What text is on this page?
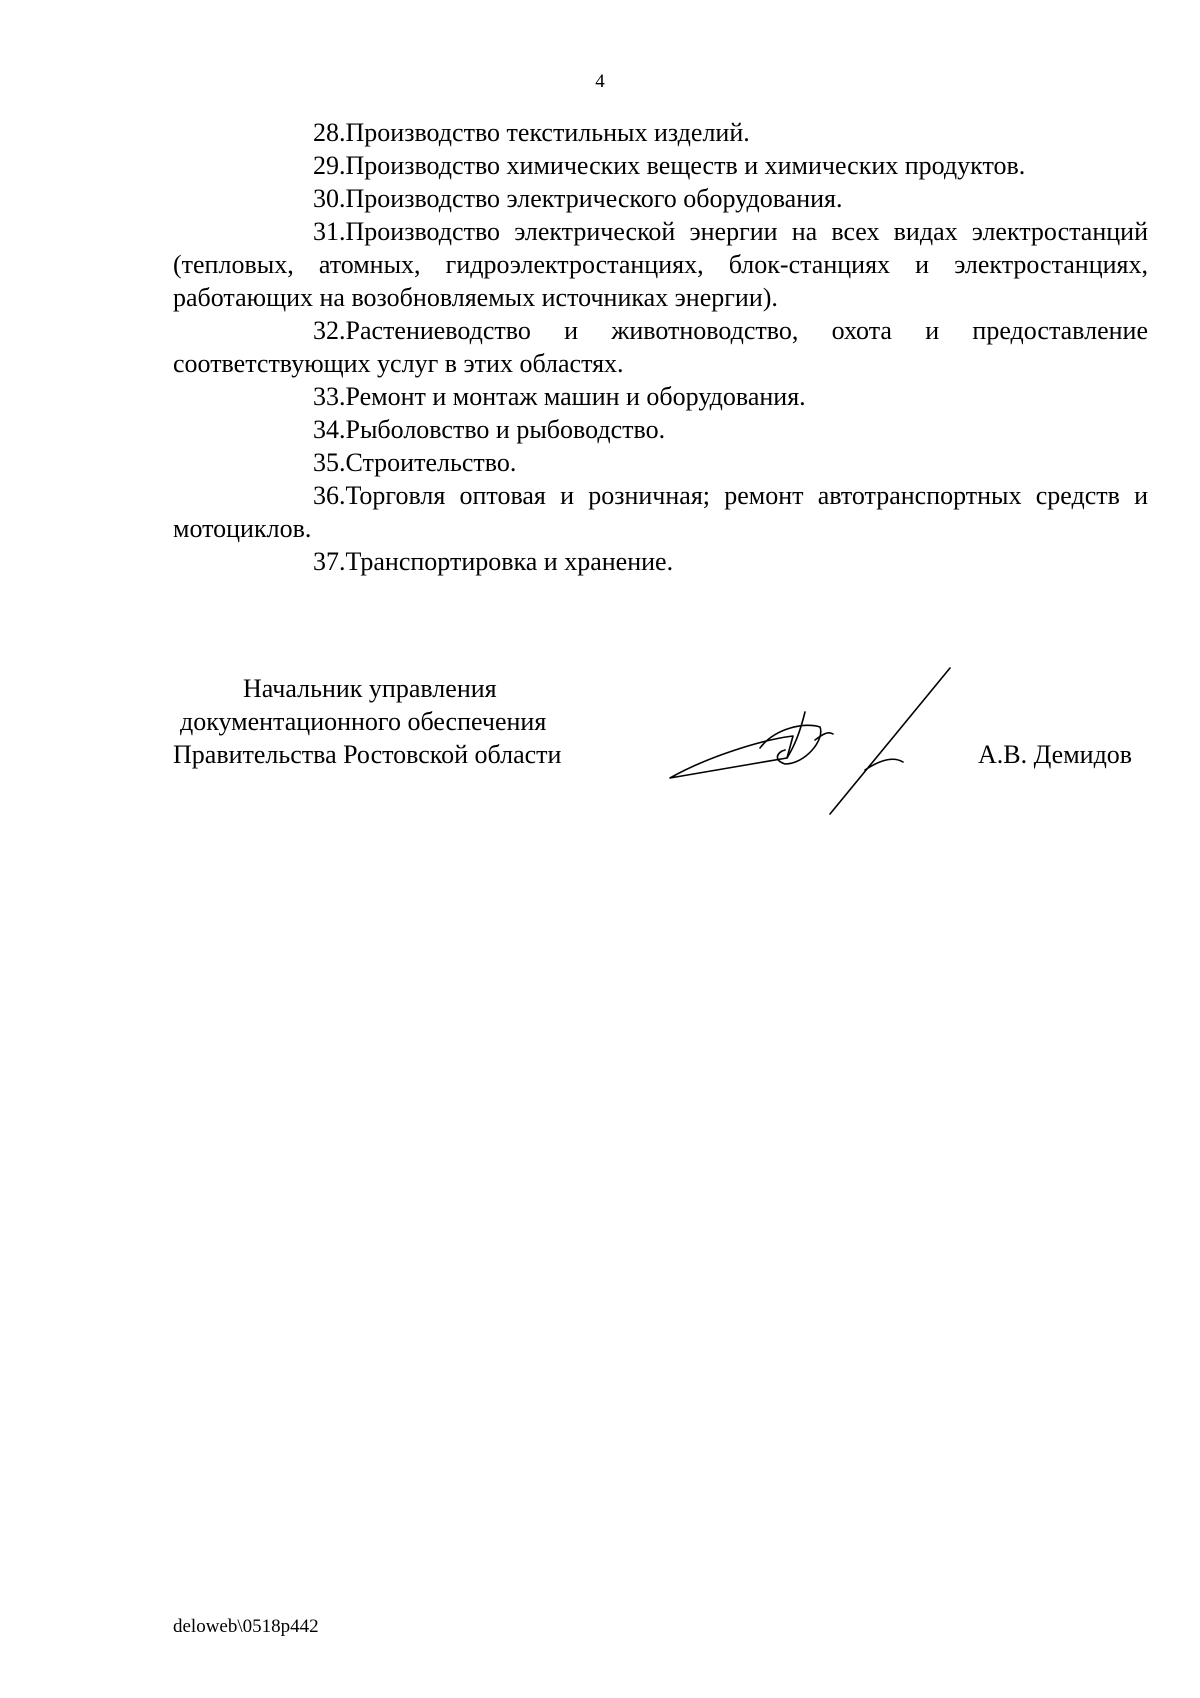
4

28.Производство текстильных изделий.

29.Производство химических веществ и химических продуктов.

30.Производство электрического оборудования.

31.Производство электрической энергии на всех видах электростанций (тепловых, атомных, гидроэлектростанциях, блок-станциях и электростанциях, работающих на возобновляемых источниках энергии).

32.Растениеводство и животноводство, охота и предоставление соответствующих услуг в этих областях.

33.Ремонт и монтаж машин и оборудования.

34.Рыболовство и рыбоводство.

35.Строительство.

36.Торговля оптовая и розничная; ремонт автотранспортных средств и мотоциклов.

37.Транспортировка и хранение.

Начальник управления
документационного обеспечения
Правительства Ростовской области	А.В. Демидов
deloweb\0518p442
